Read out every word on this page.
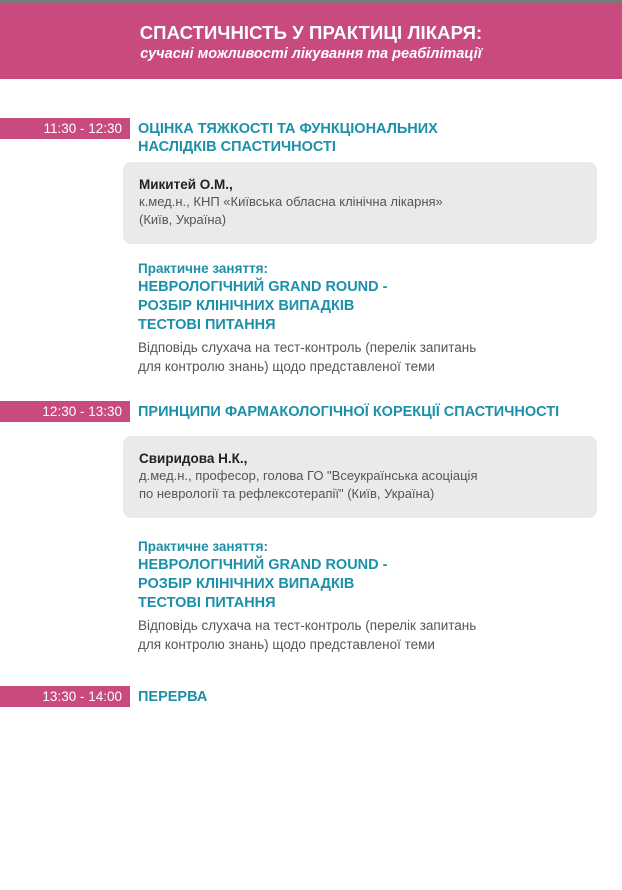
СПАСТИЧНІСТЬ У ПРАКТИЦІ ЛІКАРЯ:
сучасні можливості лікування та реабілітації
11:30 - 12:30	ОЦІНКА ТЯЖКОСТІ ТА ФУНКЦІОНАЛЬНИХ
НАСЛІДКІВ СПАСТИЧНОСТІ
Микитей О.М.,
к.мед.н., КНП «Київська обласна клінічна лікарня»
(Київ, Україна)
Практичне заняття:
НЕВРОЛОГІЧНИЙ GRAND ROUND -
РОЗБІР КЛІНІЧНИХ ВИПАДКІВ
ТЕСТОВІ ПИТАННЯ
Відповідь слухача на тест-контроль (перелік запитань
для контролю знань) щодо представленої теми
12:30 - 13:30	ПРИНЦИПИ ФАРМАКОЛОГІЧНОЇ КОРЕКЦІЇ СПАСТИЧНОСТІ
Свиридова Н.К.,
д.мед.н., професор, голова ГО "Всеукраїнська асоціація
по неврології та рефлексотерапії" (Київ, Україна)
Практичне заняття:
НЕВРОЛОГІЧНИЙ GRAND ROUND -
РОЗБІР КЛІНІЧНИХ ВИПАДКІВ
ТЕСТОВІ ПИТАННЯ
Відповідь слухача на тест-контроль (перелік запитань
для контролю знань) щодо представленої теми
13:30 - 14:00	ПЕРЕРВА
